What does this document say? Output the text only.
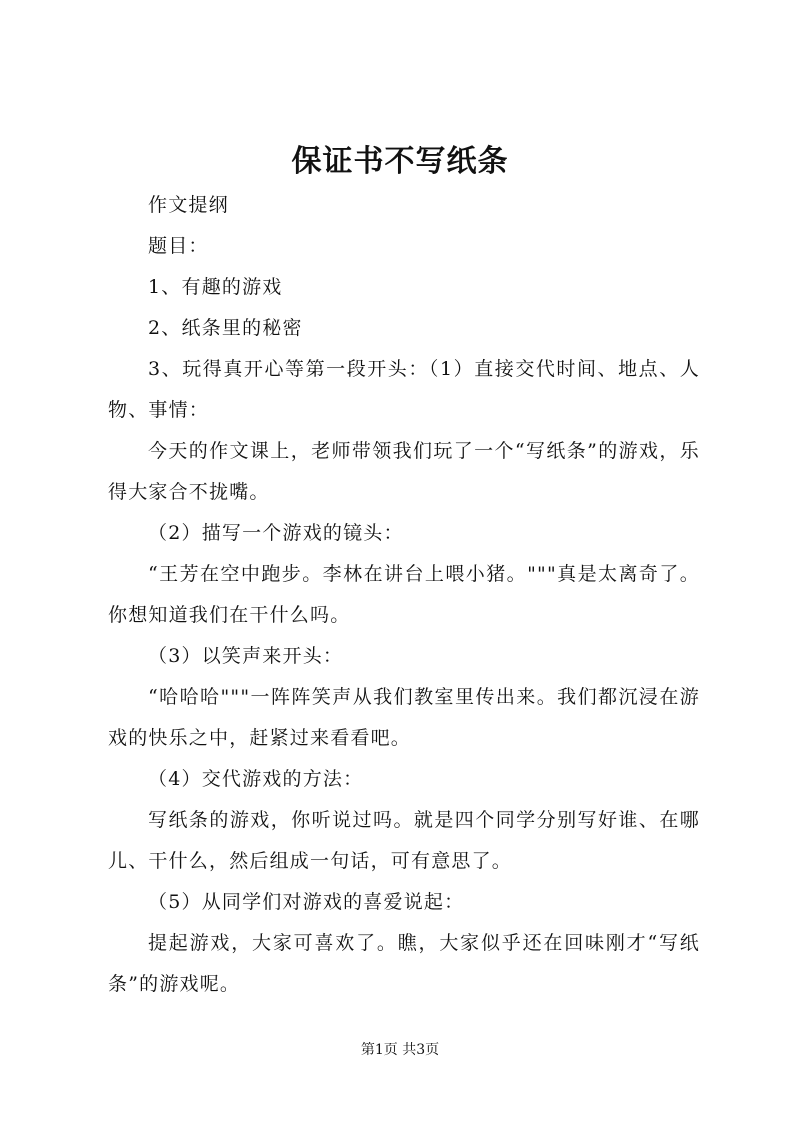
保证书不写纸条

作文提纲

题目：

1、有趣的游戏

2、纸条里的秘密

3、玩得真开心等第一段开头：（1）直接交代时间、地点、人物、事情：

今天的作文课上，老师带领我们玩了一个“写纸条”的游戏，乐得大家合不拢嘴。

（2）描写一个游戏的镜头：

“王芳在空中跑步。李林在讲台上喂小猪。"""真是太离奇了。你想知道我们在干什么吗。

（3）以笑声来开头：

“哈哈哈"""一阵阵笑声从我们教室里传出来。我们都沉浸在游戏的快乐之中，赶紧过来看看吧。

（4）交代游戏的方法：

写纸条的游戏，你听说过吗。就是四个同学分别写好谁、在哪儿、干什么，然后组成一句话，可有意思了。

（5）从同学们对游戏的喜爱说起：

提起游戏，大家可喜欢了。瞧，大家似乎还在回味刚才“写纸条”的游戏呢。

第1页 共3页
